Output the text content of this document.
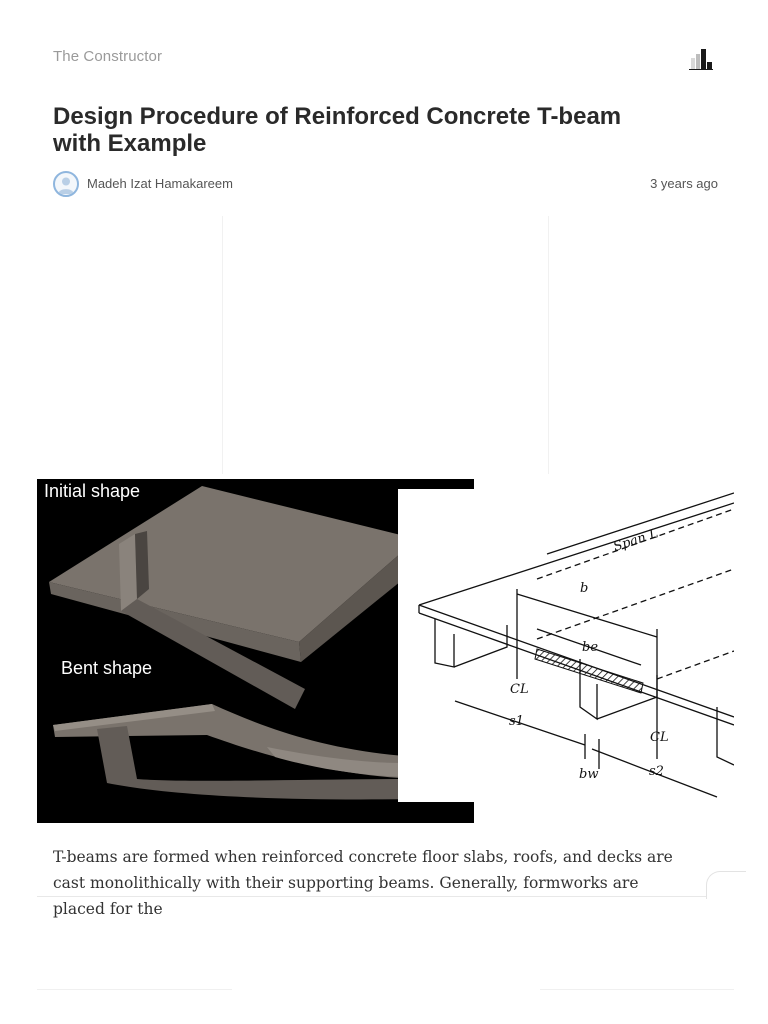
The Constructor
Design Procedure of Reinforced Concrete T-beam with Example
Madeh Izat Hamakareem	3 years ago
Initial shape
Bent shape
Span L
b
be
CL
CL
s1
s2
bw

T-beams are formed when reinforced concrete floor slabs, roofs, and decks are cast monolithically with their supporting beams. Generally, formworks are placed for the
